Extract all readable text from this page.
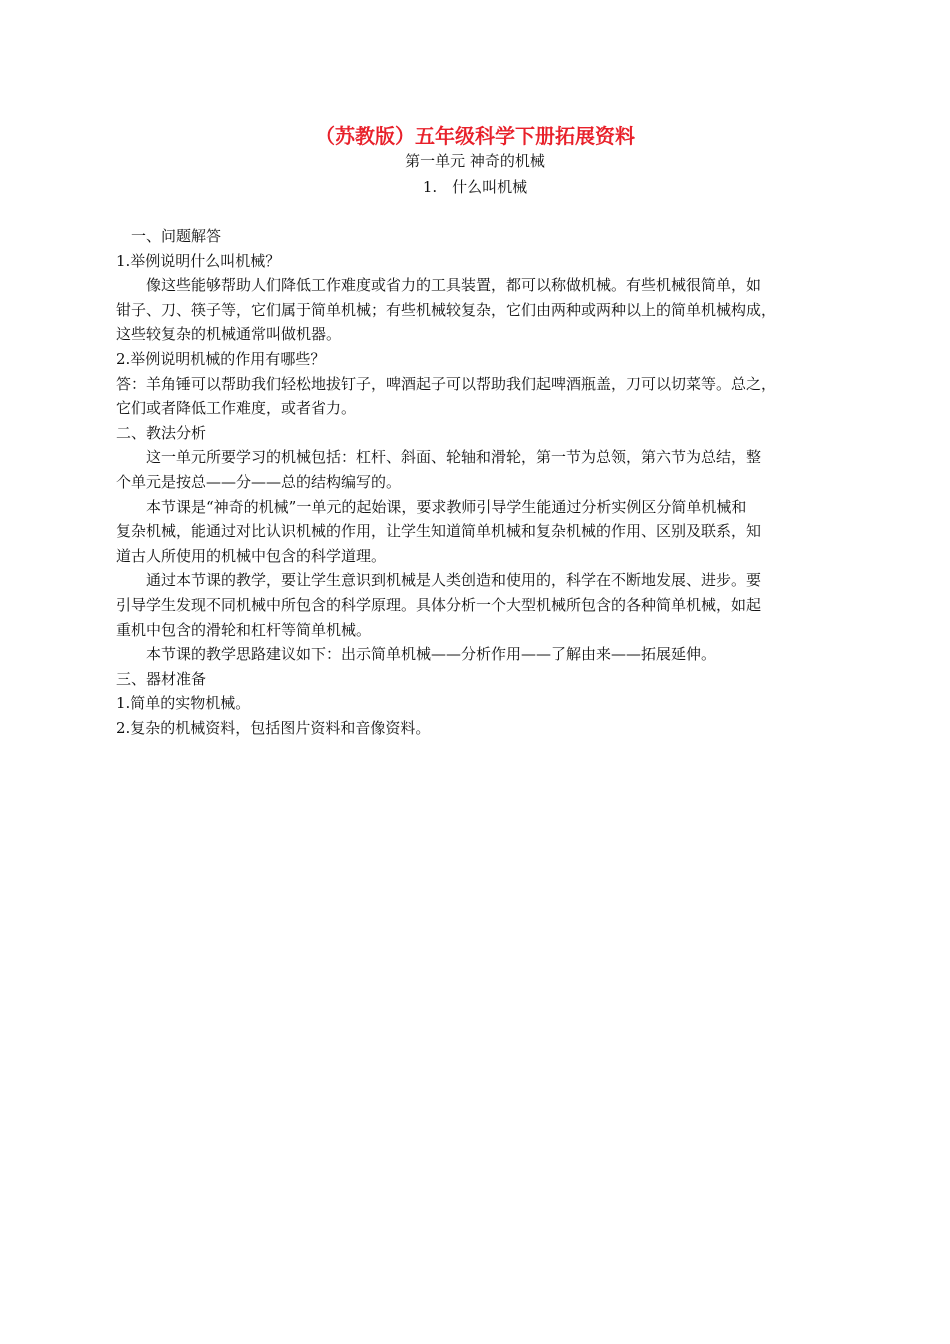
（苏教版）五年级科学下册拓展资料
第一单元 神奇的机械
1.　什么叫机械
一、问题解答
1.举例说明什么叫机械？
像这些能够帮助人们降低工作难度或省力的工具装置，都可以称做机械。有些机械很简单，如
钳子、刀、筷子等，它们属于简单机械；有些机械较复杂，它们由两种或两种以上的简单机械构成，
这些较复杂的机械通常叫做机器。
2.举例说明机械的作用有哪些？
答：羊角锤可以帮助我们轻松地拔钉子，啤酒起子可以帮助我们起啤酒瓶盖，刀可以切菜等。总之，
它们或者降低工作难度，或者省力。
二、教法分析
这一单元所要学习的机械包括：杠杆、斜面、轮轴和滑轮，第一节为总领，第六节为总结，整
个单元是按总——分——总的结构编写的。
本节课是“神奇的机械”一单元的起始课，要求教师引导学生能通过分析实例区分简单机械和
复杂机械，能通过对比认识机械的作用，让学生知道简单机械和复杂机械的作用、区别及联系，知
道古人所使用的机械中包含的科学道理。
通过本节课的教学，要让学生意识到机械是人类创造和使用的，科学在不断地发展、进步。要
引导学生发现不同机械中所包含的科学原理。具体分析一个大型机械所包含的各种简单机械，如起
重机中包含的滑轮和杠杆等简单机械。
本节课的教学思路建议如下：出示简单机械——分析作用——了解由来——拓展延伸。
三、器材准备
1.简单的实物机械。
2.复杂的机械资料，包括图片资料和音像资料。
